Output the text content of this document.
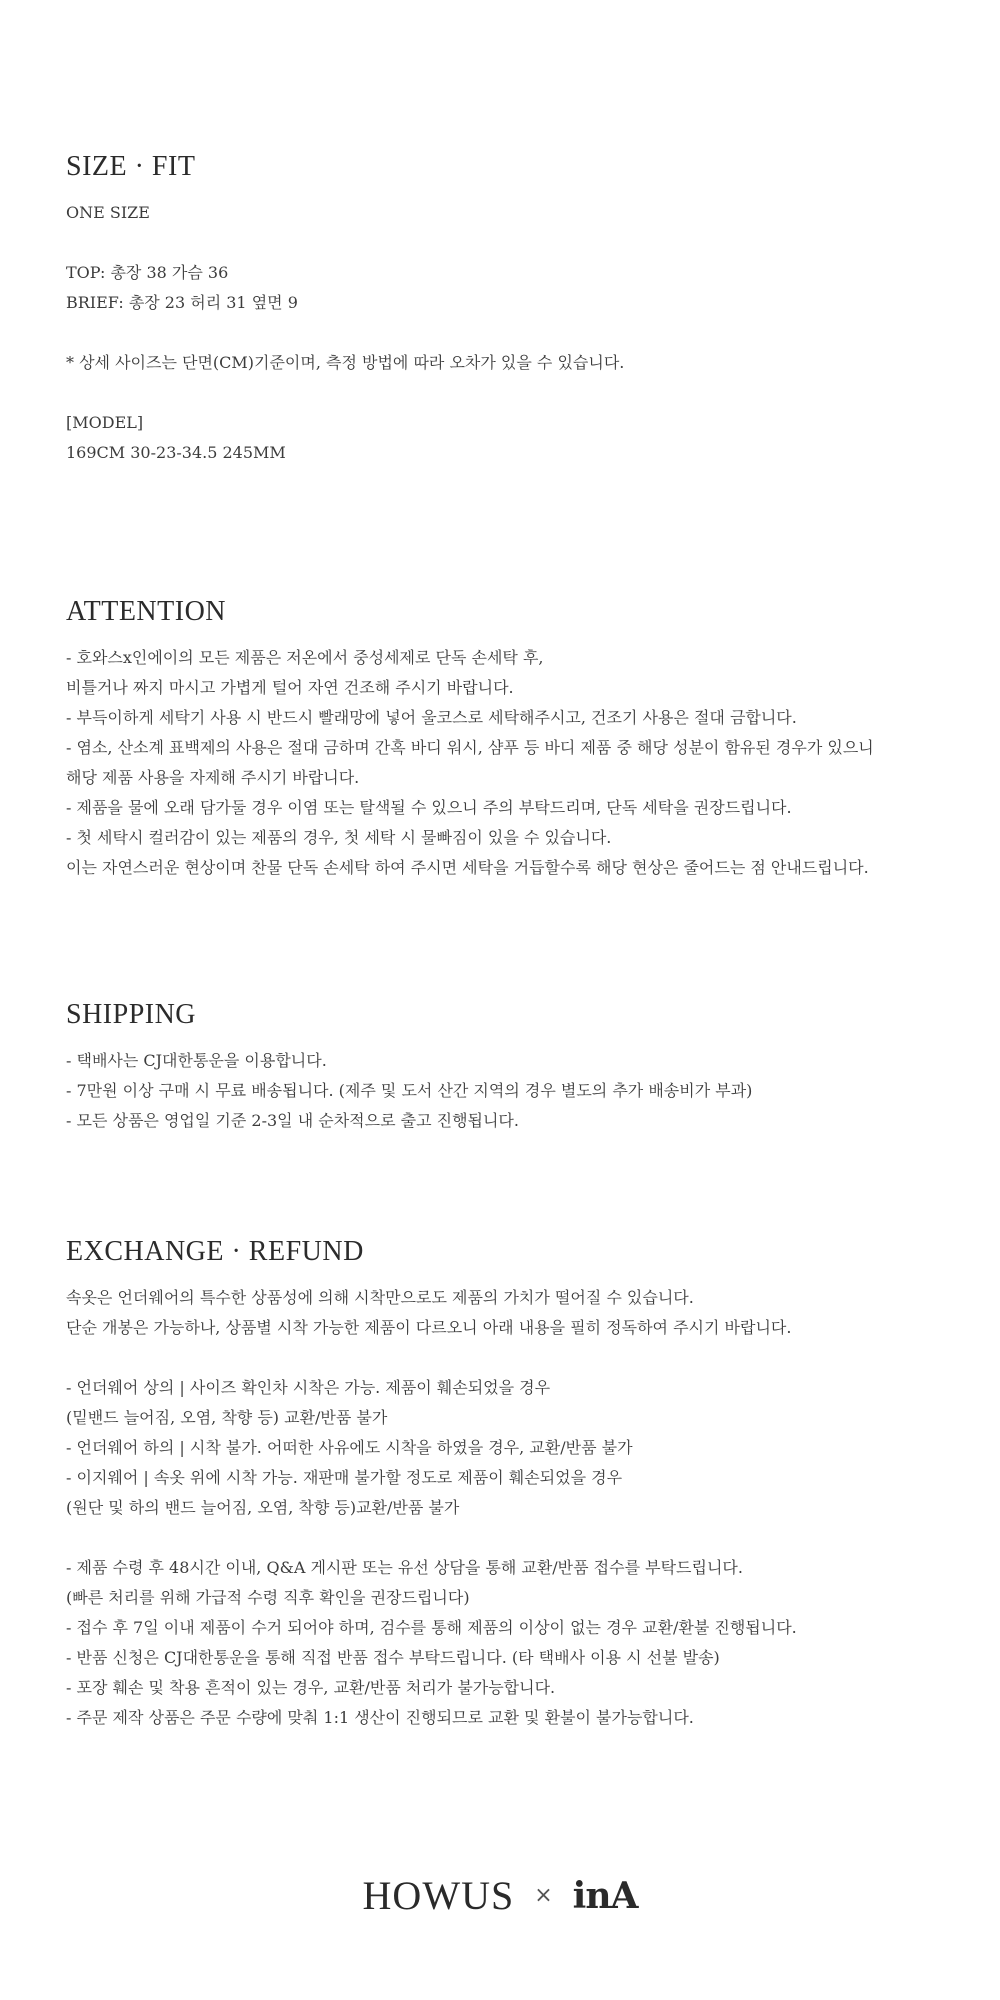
SIZE · FIT
ONE SIZE
TOP: 총장 38 가슴 36
BRIEF: 총장 23 허리 31 옆면 9
* 상세 사이즈는 단면(CM)기준이며, 측정 방법에 따라 오차가 있을 수 있습니다.
[MODEL]
169CM 30-23-34.5 245MM
ATTENTION
- 호와스x인에이의 모든 제품은 저온에서 중성세제로 단독 손세탁 후,
비틀거나 짜지 마시고 가볍게 털어 자연 건조해 주시기 바랍니다.
- 부득이하게 세탁기 사용 시 반드시 빨래망에 넣어 울코스로 세탁해주시고, 건조기 사용은 절대 금합니다.
- 염소, 산소계 표백제의 사용은 절대 금하며 간혹 바디 워시, 샴푸 등 바디 제품 중 해당 성분이 함유된 경우가 있으니
해당 제품 사용을 자제해 주시기 바랍니다.
- 제품을 물에 오래 담가둘 경우 이염 또는 탈색될 수 있으니 주의 부탁드리며, 단독 세탁을 권장드립니다.
- 첫 세탁시 컬러감이 있는 제품의 경우, 첫 세탁 시 물빠짐이 있을 수 있습니다.
이는 자연스러운 현상이며 찬물 단독 손세탁 하여 주시면 세탁을 거듭할수록 해당 현상은 줄어드는 점 안내드립니다.
SHIPPING
- 택배사는 CJ대한통운을 이용합니다.
- 7만원 이상 구매 시 무료 배송됩니다. (제주 및 도서 산간 지역의 경우 별도의 추가 배송비가 부과)
- 모든 상품은 영업일 기준 2-3일 내 순차적으로 출고 진행됩니다.
EXCHANGE · REFUND
속옷은 언더웨어의 특수한 상품성에 의해 시착만으로도 제품의 가치가 떨어질 수 있습니다.
단순 개봉은 가능하나, 상품별 시착 가능한 제품이 다르오니 아래 내용을 필히 정독하여 주시기 바랍니다.
- 언더웨어 상의 | 사이즈 확인차 시착은 가능. 제품이 훼손되었을 경우
(밑밴드 늘어짐, 오염, 착향 등) 교환/반품 불가
- 언더웨어 하의 | 시착 불가. 어떠한 사유에도 시착을 하였을 경우, 교환/반품 불가
- 이지웨어 | 속옷 위에 시착 가능. 재판매 불가할 정도로 제품이 훼손되었을 경우
(원단 및 하의 밴드 늘어짐, 오염, 착향 등)교환/반품 불가
- 제품 수령 후 48시간 이내, Q&A 게시판 또는 유선 상담을 통해 교환/반품 접수를 부탁드립니다.
(빠른 처리를 위해 가급적 수령 직후 확인을 권장드립니다)
- 접수 후 7일 이내 제품이 수거 되어야 하며, 검수를 통해 제품의 이상이 없는 경우 교환/환불 진행됩니다.
- 반품 신청은 CJ대한통운을 통해 직접 반품 접수 부탁드립니다. (타 택배사 이용 시 선불 발송)
- 포장 훼손 및 착용 흔적이 있는 경우, 교환/반품 처리가 불가능합니다.
- 주문 제작 상품은 주문 수량에 맞춰 1:1 생산이 진행되므로 교환 및 환불이 불가능합니다.
HOWUS × inA
